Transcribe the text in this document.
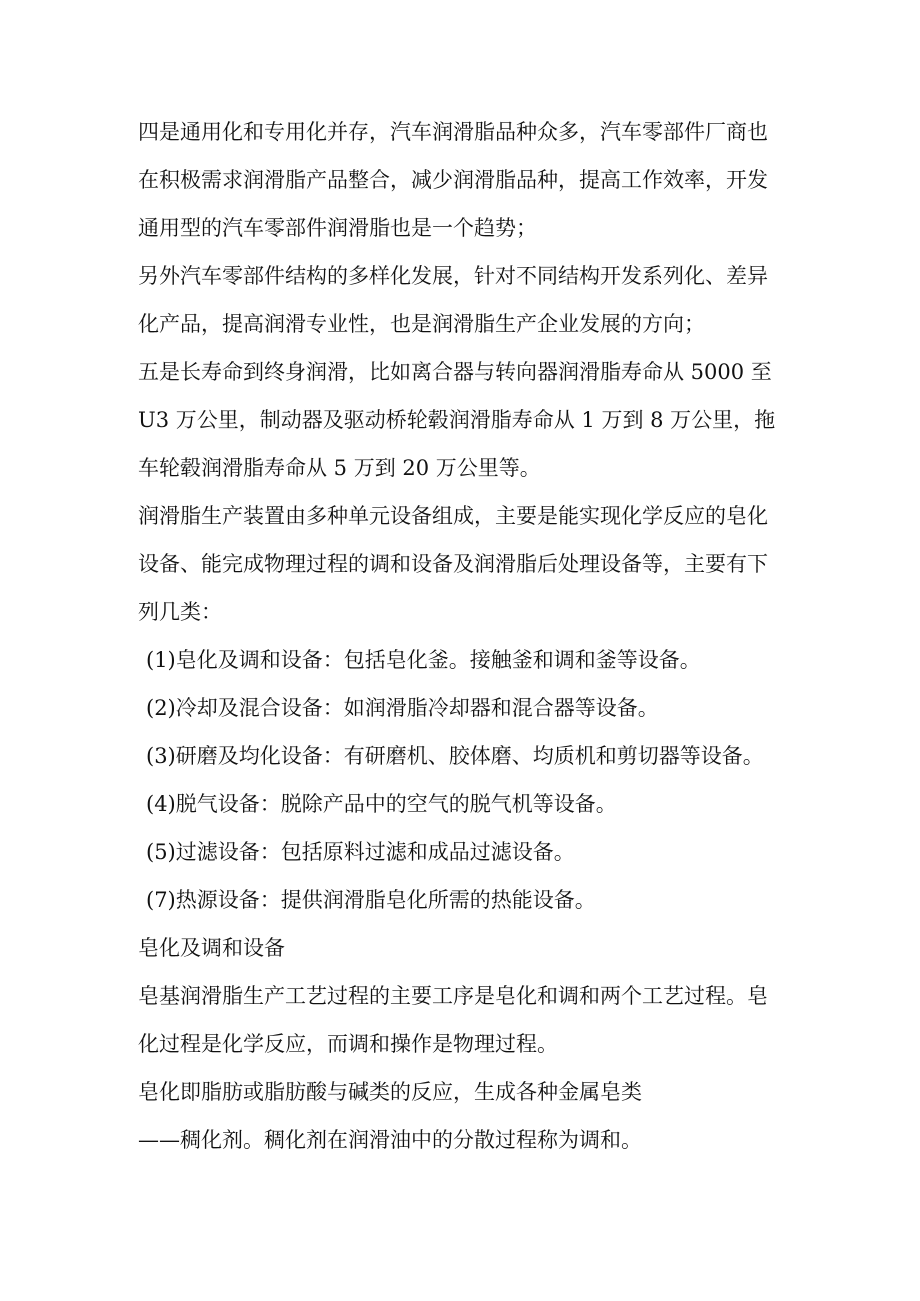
四是通用化和专用化并存，汽车润滑脂品种众多，汽车零部件厂商也
在积极需求润滑脂产品整合，减少润滑脂品种，提高工作效率，开发
通用型的汽车零部件润滑脂也是一个趋势；
另外汽车零部件结构的多样化发展，针对不同结构开发系列化、差异
化产品，提高润滑专业性，也是润滑脂生产企业发展的方向；
五是长寿命到终身润滑，比如离合器与转向器润滑脂寿命从 5000 至
U3 万公里，制动器及驱动桥轮毂润滑脂寿命从 1 万到 8 万公里，拖
车轮毂润滑脂寿命从 5 万到 20 万公里等。
润滑脂生产装置由多种单元设备组成，主要是能实现化学反应的皂化
设备、能完成物理过程的调和设备及润滑脂后处理设备等，主要有下
列几类：
(1)皂化及调和设备：包括皂化釜。接触釜和调和釜等设备。
(2)冷却及混合设备：如润滑脂冷却器和混合器等设备。
(3)研磨及均化设备：有研磨机、胶体磨、均质机和剪切器等设备。
(4)脱气设备：脱除产品中的空气的脱气机等设备。
(5)过滤设备：包括原料过滤和成品过滤设备。
(7)热源设备：提供润滑脂皂化所需的热能设备。
皂化及调和设备
皂基润滑脂生产工艺过程的主要工序是皂化和调和两个工艺过程。皂
化过程是化学反应，而调和操作是物理过程。
皂化即脂肪或脂肪酸与碱类的反应，生成各种金属皂类
——稠化剂。稠化剂在润滑油中的分散过程称为调和。
